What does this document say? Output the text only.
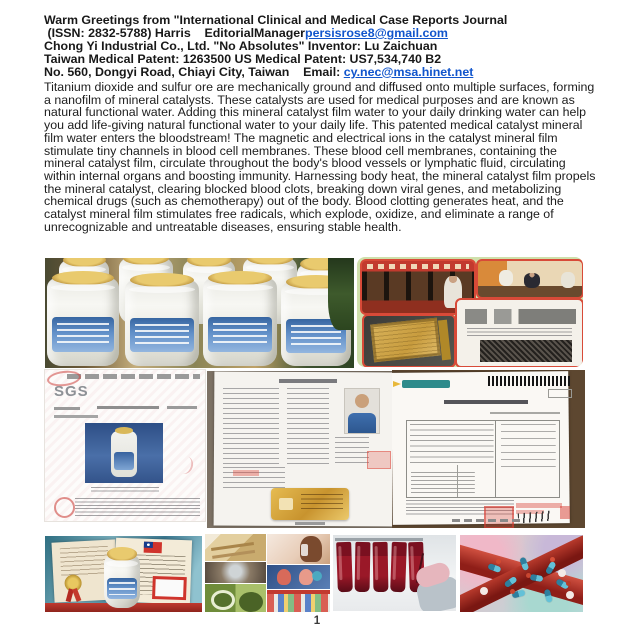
Warm Greetings from "International Clinical and Medical Case Reports Journal
(ISSN: 2832-5788) Harris    EditorialManagerpersisrose8@gmail.com
Chong Yi Industrial Co., Ltd. "No Absolutes" Inventor: Lu Zaichuan
Taiwan Medical Patent: 1263500 US Medical Patent: US7,534,740 B2
No. 560, Dongyi Road, Chiayi City, Taiwan    Email: cy.nec@msa.hinet.net
Titanium dioxide and sulfur ore are mechanically ground and diffused onto multiple surfaces, forming a nanofilm of mineral catalysts. These catalysts are used for medical purposes and are known as natural functional water. Adding this mineral catalyst film water to your daily drinking water can help you add life-giving natural functional water to your daily life. This patented medical catalyst mineral film water enters the bloodstream! The magnetic and electrical ions in the catalyst mineral film stimulate tiny channels in blood cell membranes. These blood cell membranes, containing the mineral catalyst film, circulate throughout the body's blood vessels or lymphatic fluid, circulating within internal organs and boosting immunity. Harnessing body heat, the mineral catalyst film propels the mineral catalyst, clearing blocked blood clots, breaking down viral genes, and metabolizing chemical drugs (such as chemotherapy) out of the body. Blood clotting generates heat, and the catalyst mineral film stimulates free radicals, which explode, oxidize, and eliminate a range of unrecognizable and untreatable diseases, ensuring stable health.
SGS
1
